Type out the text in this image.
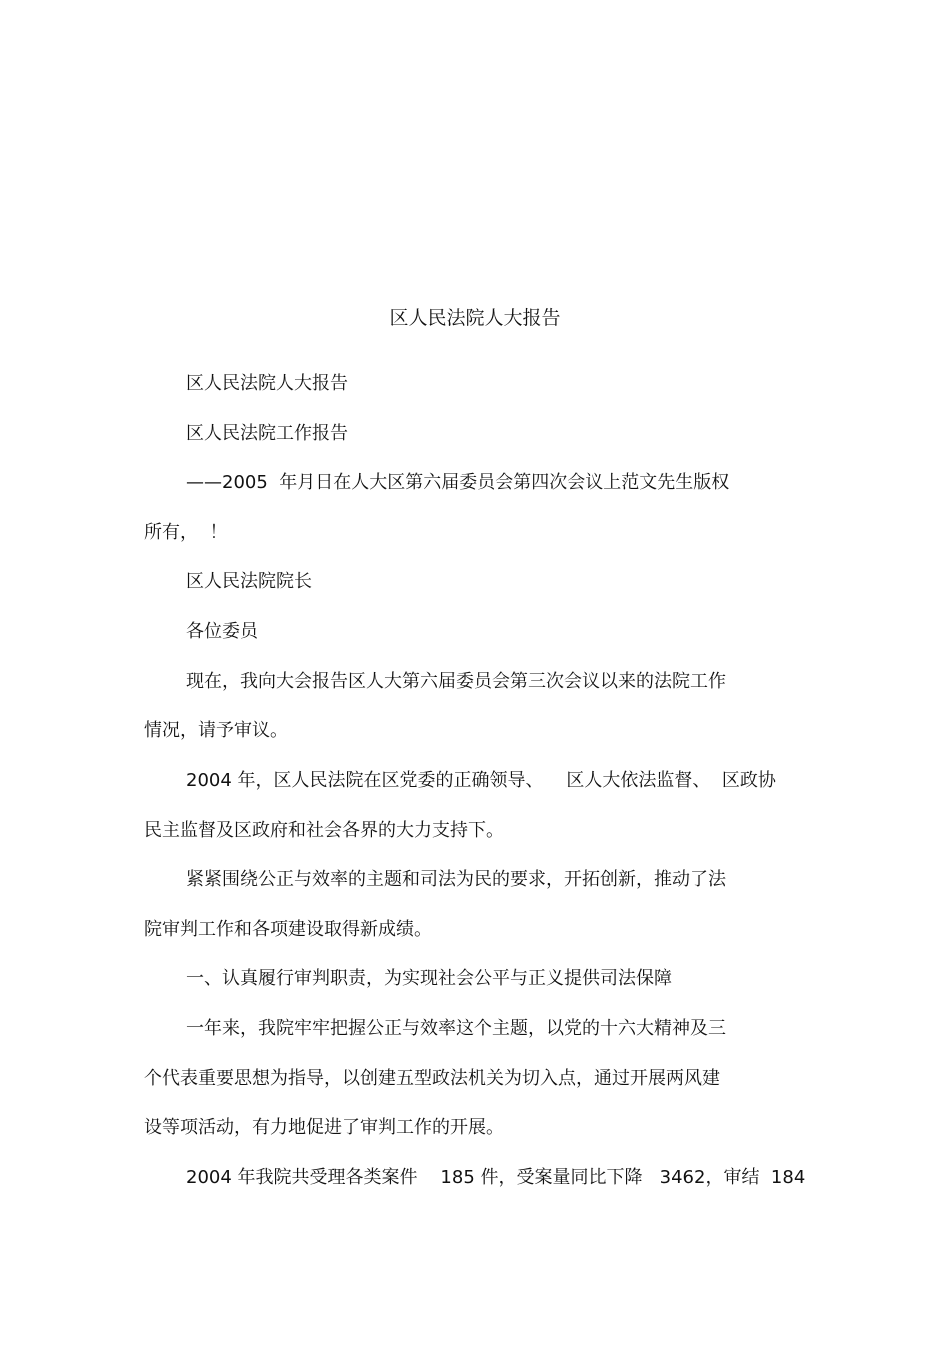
区人民法院人大报告
区人民法院人大报告
区人民法院工作报告
——2005  年月日在人大区第六届委员会第四次会议上范文先生版权
所有，  ！
区人民法院院长
各位委员
现在，我向大会报告区人大第六届委员会第三次会议以来的法院工作
情况，请予审议。
2004 年，区人民法院在区党委的正确领导、    区人大依法监督、  区政协
民主监督及区政府和社会各界的大力支持下。
紧紧围绕公正与效率的主题和司法为民的要求，开拓创新，推动了法
院审判工作和各项建设取得新成绩。
一、认真履行审判职责，为实现社会公平与正义提供司法保障
一年来，我院牢牢把握公正与效率这个主题，以党的十六大精神及三
个代表重要思想为指导，以创建五型政法机关为切入点，通过开展两风建
设等项活动，有力地促进了审判工作的开展。
2004 年我院共受理各类案件    185 件，受案量同比下降   3462，审结  184
